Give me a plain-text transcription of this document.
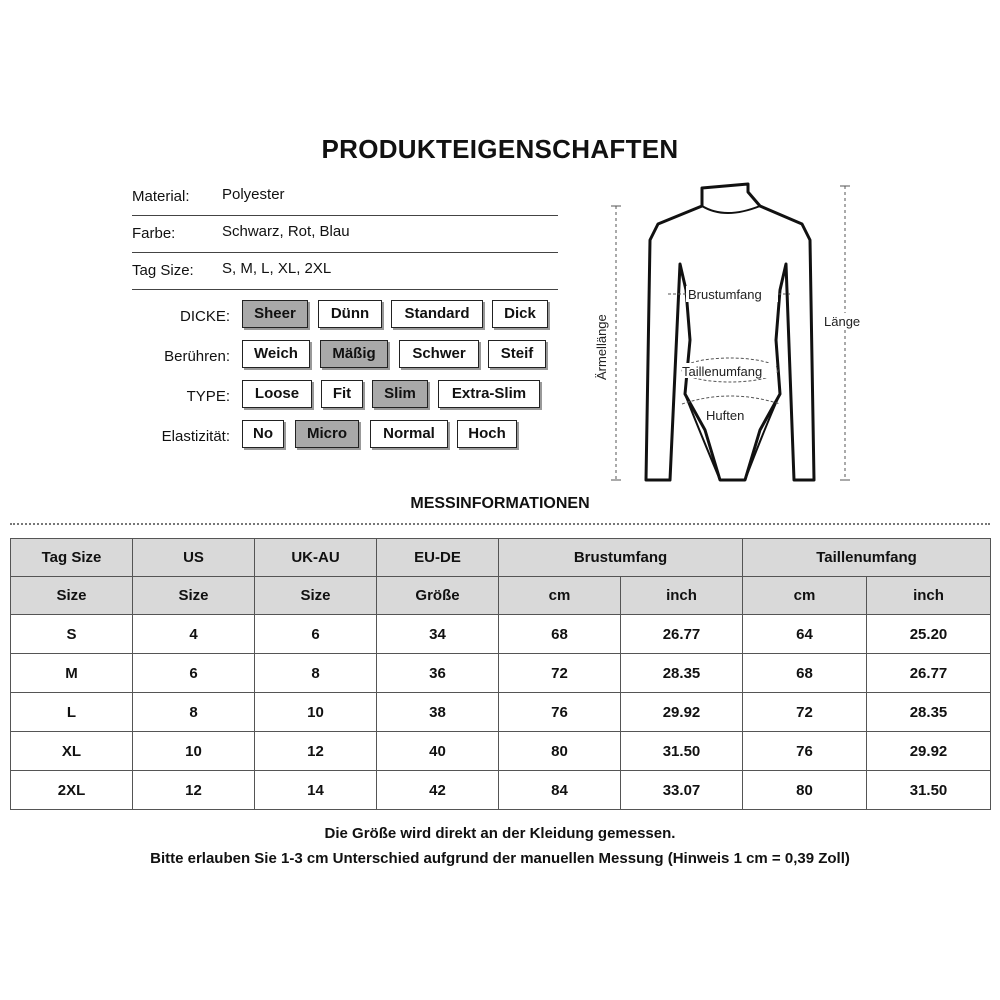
PRODUKTEIGENSCHAFTEN
Material: Polyester
Farbe:	Schwarz, Rot, Blau
Tag Size: S, M, L, XL, 2XL
DICKE:	Sheer	Dünn	Standard	Dick
Berühren:	Weich	Mäßig	Schwer	Steif
TYPE:	Loose	Fit	Slim	Extra-Slim
Elastizität:	No	Micro	Normal	Hoch
Brustumfang
Taillenumfang
Huften
Ärmellänge	Länge
MESSINFORMATIONEN
Tag Size	US	UK-AU	EU-DE	Brustumfang		Taillenumfang	
Size	Size	Size	Größe	cm	inch	cm	inch
S	4	6	34	68	26.77	64	25.20
M	6	8	36	72	28.35	68	26.77
L	8	10	38	76	29.92	72	28.35
XL	10	12	40	80	31.50	76	29.92
2XL	12	14	42	84	33.07	80	31.50
Die Größe wird direkt an der Kleidung gemessen.
Bitte erlauben Sie 1-3 cm Unterschied aufgrund der manuellen Messung (Hinweis 1 cm = 0,39 Zoll)
